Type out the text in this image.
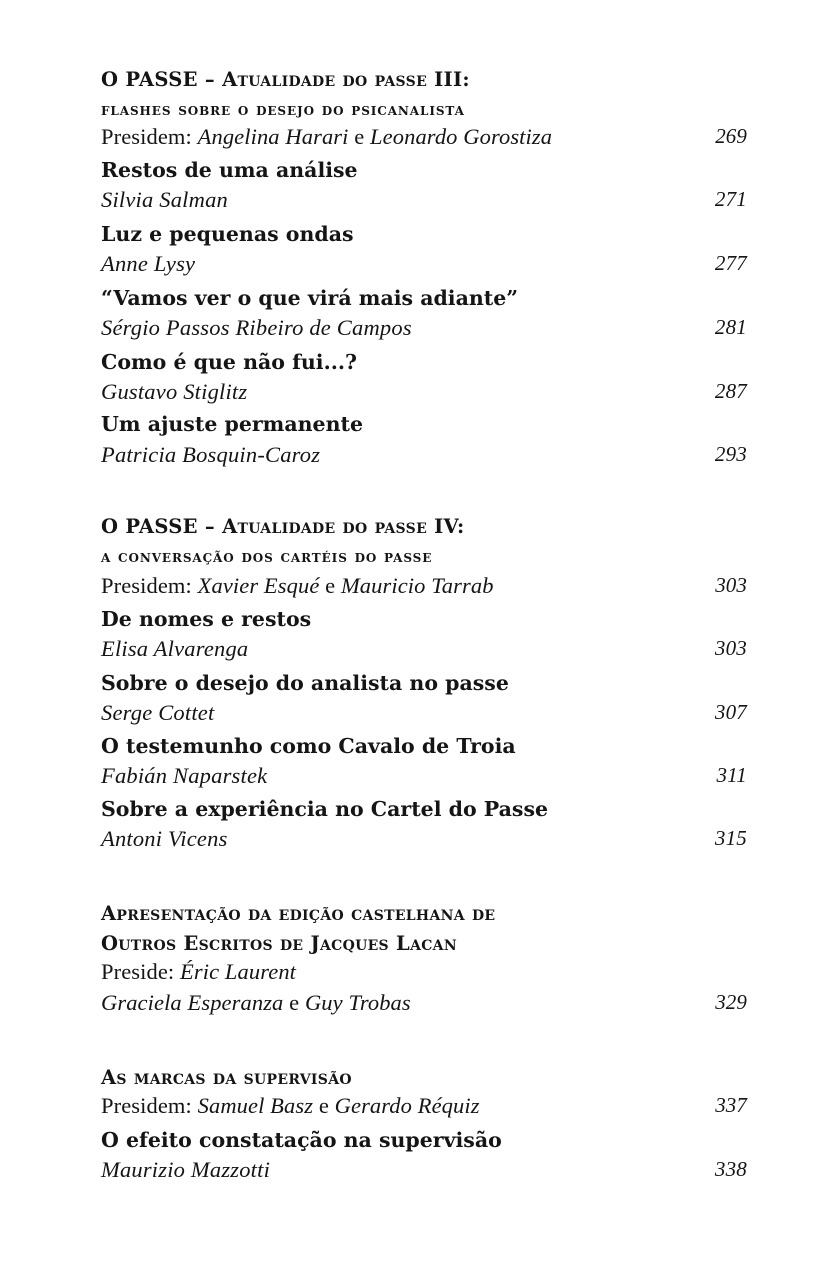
O PASSE – Atualidade do passe III:
flashes sobre o desejo do psicanalista
Presidem: Angelina Harari e Leonardo Gorostiza	269
Restos de uma análise
Silvia Salman	271
Luz e pequenas ondas
Anne Lysy	277
“Vamos ver o que virá mais adiante”
Sérgio Passos Ribeiro de Campos	281
Como é que não fui...?
Gustavo Stiglitz	287
Um ajuste permanente
Patricia Bosquin-Caroz	293
O PASSE – Atualidade do passe IV:
a conversação dos cartéis do passe
Presidem: Xavier Esqué e Mauricio Tarrab	303
De nomes e restos
Elisa Alvarenga	303
Sobre o desejo do analista no passe
Serge Cottet	307
O testemunho como Cavalo de Troia
Fabián Naparstek	311
Sobre a experiência no Cartel do Passe
Antoni Vicens	315
Apresentação da edição castelhana de
Outros Escritos de Jacques Lacan
Preside: Éric Laurent
Graciela Esperanza e Guy Trobas	329
As marcas da supervisão
Presidem: Samuel Basz e Gerardo Réquiz	337
O efeito constatação na supervisão
Maurizio Mazzotti	338
